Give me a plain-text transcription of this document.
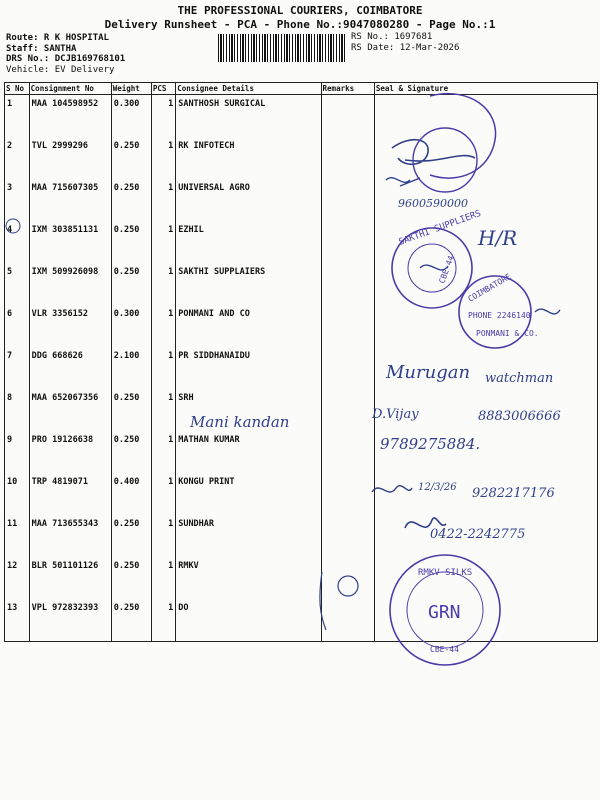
THE PROFESSIONAL COURIERS, COIMBATORE
Delivery Runsheet - PCA - Phone No.:9047080280 - Page No.:1
Route: R K HOSPITAL
Staff: SANTHA
DRS No.: DCJB169768101
Vehicle: EV Delivery
RS No.: 1697681
RS Date: 12-Mar-2026
S No	Consignment No	Weight	PCS	Consignee Details	Remarks	Seal & Signature
1	MAA 104598952	0.300	1	SANTHOSH SURGICAL		
2	TVL 2999296	0.250	1	RK INFOTECH		
3	MAA 715607305	0.250	1	UNIVERSAL AGRO		
4	IXM 303851131	0.250	1	EZHIL		
5	IXM 509926098	0.250	1	SAKTHI SUPPLAIERS		
6	VLR 3356152	0.300	1	PONMANI AND CO		
7	DDG 668626	2.100	1	PR SIDDHANAIDU		
8	MAA 652067356	0.250	1	SRH		
9	PRO 19126638	0.250	1	MATHAN KUMAR		
10	TRP 4819071	0.400	1	KONGU PRINT		
11	MAA 713655343	0.250	1	SUNDHAR		
12	BLR 501101126	0.250	1	RMKV		
13	VPL 972832393	0.250	1	DO		
9600590000
H/R
SAKTHI SUPPLIERS
CBE-44
COIMBATORE
PHONE 2246140
PONMANI & CO.
Murugan watchman
Mani kandan	D.Vijay	8883006666
9789275884.
12/3/26 9282217176
0422-2242775
RMKV SILKS
GRN
CBE-44
